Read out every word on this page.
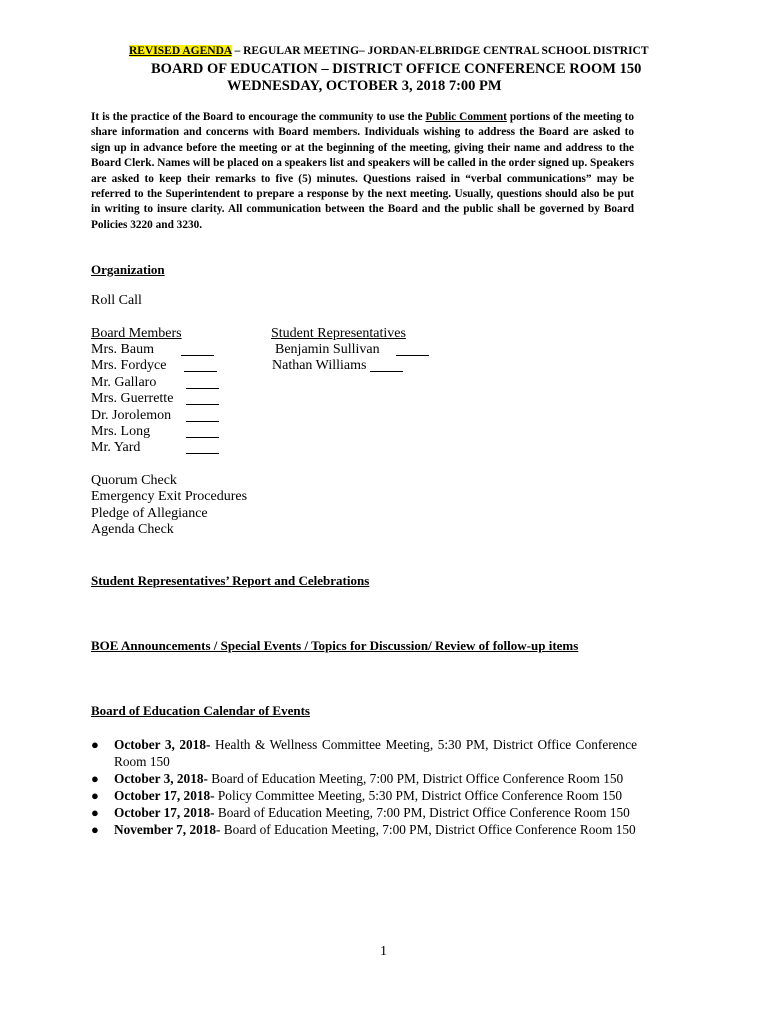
REVISED AGENDA – REGULAR MEETING– JORDAN-ELBRIDGE CENTRAL SCHOOL DISTRICT
BOARD OF EDUCATION – DISTRICT OFFICE CONFERENCE ROOM 150
WEDNESDAY, OCTOBER 3, 2018 7:00 PM
It is the practice of the Board to encourage the community to use the Public Comment portions of the meeting to share information and concerns with Board members. Individuals wishing to address the Board are asked to sign up in advance before the meeting or at the beginning of the meeting, giving their name and address to the Board Clerk. Names will be placed on a speakers list and speakers will be called in the order signed up. Speakers are asked to keep their remarks to five (5) minutes. Questions raised in “verbal communications” may be referred to the Superintendent to prepare a response by the next meeting. Usually, questions should also be put in writing to insure clarity. All communication between the Board and the public shall be governed by Board Policies 3220 and 3230.
Organization
Roll Call
Board Members	Student Representatives
Mrs. Baum
Mrs. Fordyce
Mr. Gallaro
Mrs. Guerrette
Dr. Jorolemon
Mrs. Long
Mr. Yard
Benjamin Sullivan
Nathan Williams
Quorum Check
Emergency Exit Procedures
Pledge of Allegiance
Agenda Check
Student Representatives’ Report and Celebrations
BOE Announcements / Special Events / Topics for Discussion/ Review of follow-up items
Board of Education Calendar of Events
● October 3, 2018- Health & Wellness Committee Meeting, 5:30 PM, District Office Conference Room 150
● October 3, 2018- Board of Education Meeting, 7:00 PM, District Office Conference Room 150
● October 17, 2018- Policy Committee Meeting, 5:30 PM, District Office Conference Room 150
● October 17, 2018- Board of Education Meeting, 7:00 PM, District Office Conference Room 150
● November 7, 2018- Board of Education Meeting, 7:00 PM, District Office Conference Room 150
1
